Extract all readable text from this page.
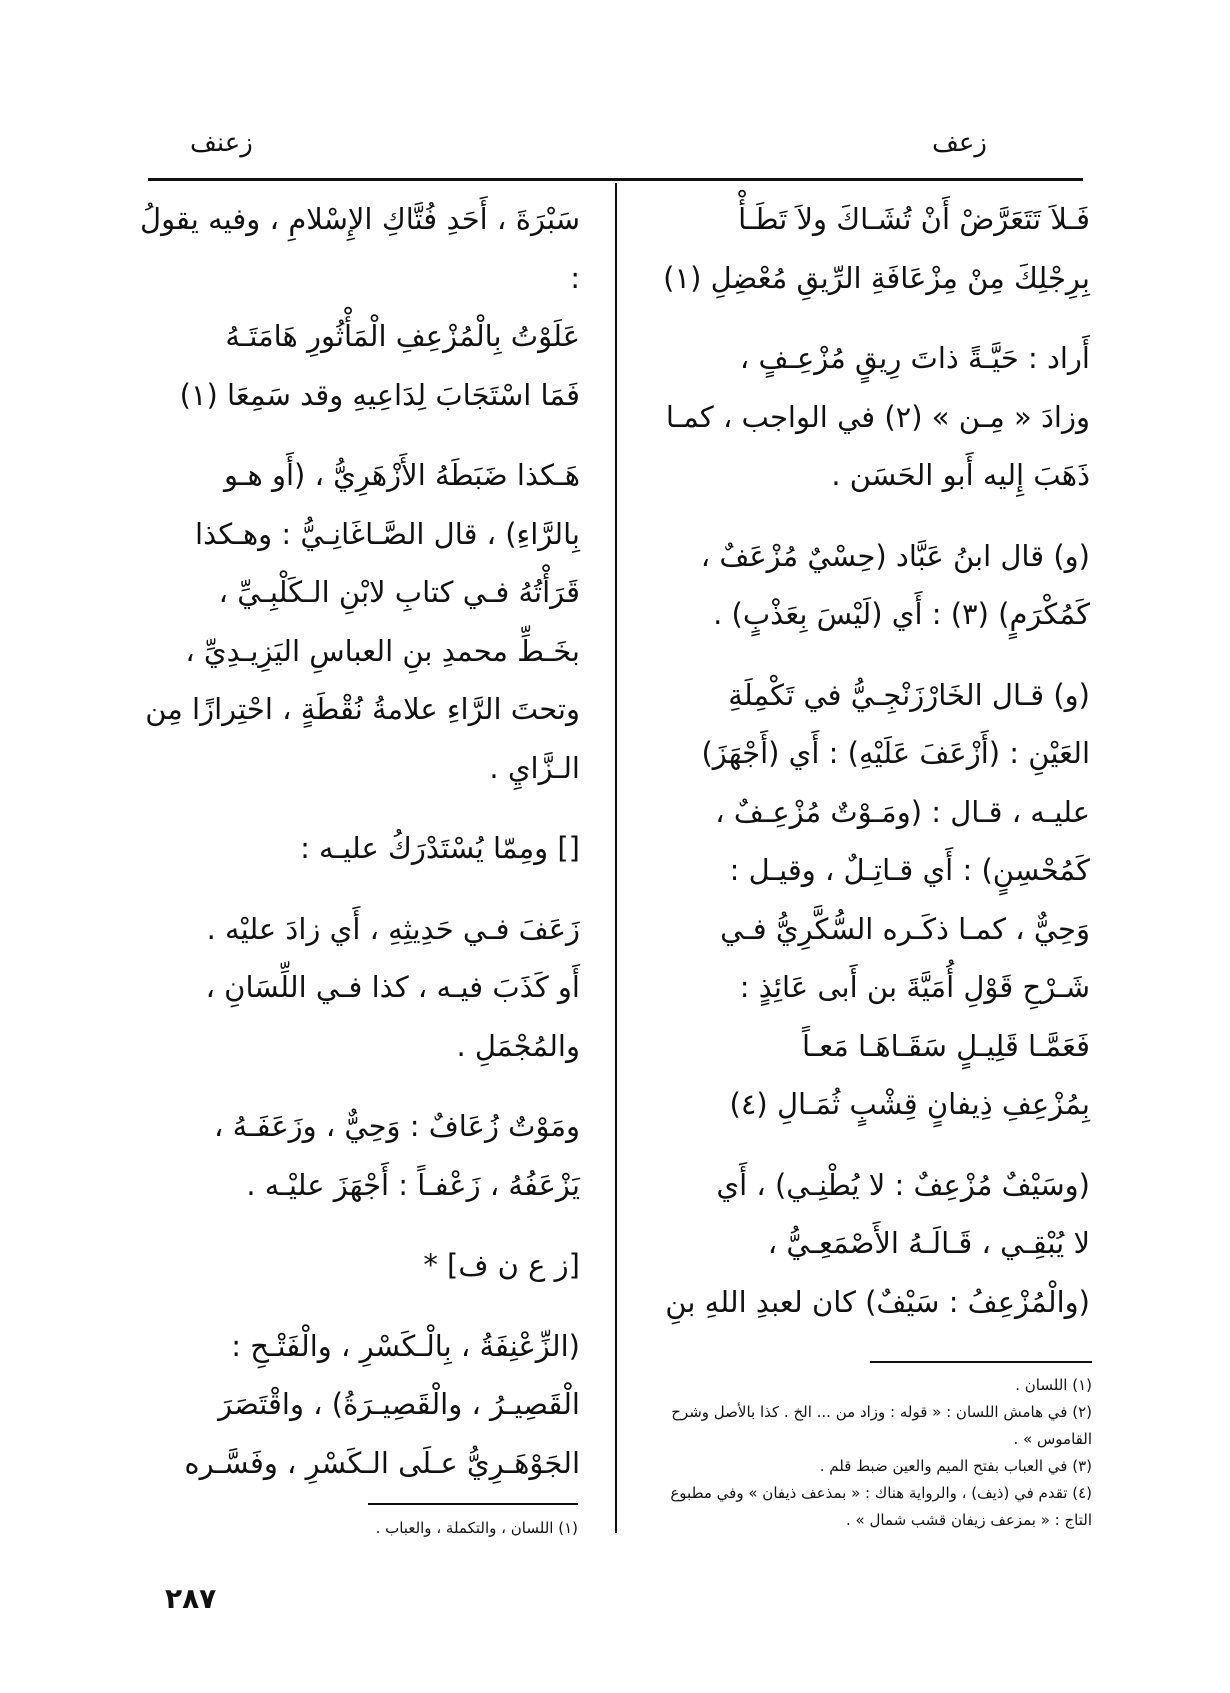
زعنف	زعف

فَـلاَ تَتَعَرَّضْ أَنْ تُشَـاكَ ولاَ تَطَـأْ

بِرِجْلِكَ مِنْ مِزْعَافَةِ الرِّيقِ مُعْضِلِ (١)

أَراد : حَيَّـةً ذاتَ رِيقٍ مُزْعِـفٍ ،

وزادَ « مِـن » (٢) في الواجب ، كمـا

ذَهَبَ إِليه أَبو الحَسَن .

(و) قال ابنُ عَبَّاد (حِسْيٌ مُزْعَفٌ ،

كَمُكْرَمٍ) (٣) : أَي (لَيْسَ بِعَذْبٍ) .

(و) قـال الخَارْزَنْجِـيُّ في تَكْمِلَةِ

العَيْنِ : (أَزْعَفَ عَلَيْهِ) : أَي (أَجْهَزَ)

عليـه ، قـال : (ومَـوْتٌ مُزْعِـفٌ ،

كَمُحْسِنٍ) : أَي قـاتِـلٌ ، وقيـل :

وَحِيٌّ ، كمـا ذكَـره السُّكَّرِيُّ فـي

شَـرْحِ قَوْلِ أُمَيَّةَ بن أَبى عَائِذٍ :

فَعَمَّـا قَلِيـلٍ سَقَـاهَـا مَعـاً

بِمُزْعِفِ ذِيفانٍ قِشْبٍ ثُمَـالِ (٤)

(وسَيْفٌ مُزْعِفٌ : لا يُطْنِـي) ، أَي

لا يُبْقِـي ، قَـالَـهُ الأَصْمَعِـيُّ ،

(والْمُزْعِفُ : سَيْفٌ) كان لعبدِ اللهِ بنِ

سَبْرَةَ ، أَحَدِ فُتَّاكِ الإِسْلامِ ، وفيه يقولُ :

عَلَوْتُ بِالْمُزْعِفِ الْمَأْثُورِ هَامَتَـهُ

فَمَا اسْتَجَابَ لِدَاعِيهِ وقد سَمِعَا (١)

هَـكذا ضَبَطَهُ الأَزْهَرِيُّ ، (أَو هـو

بِالرَّاءِ) ، قال الصَّـاغَانِـيُّ : وهـكذا

قَرَأْتُهُ فـي كتابِ لابْنِ الـكَلْبِـيِّ ،

بخَـطِّ محمدِ بنِ العباسِ اليَزِيـدِيِّ ،

وتحتَ الرَّاءِ علامةُ نُقْطَةٍ ، احْتِرازًا مِن

الـزَّايِ .

[] ومِمّا يُسْتَدْرَكُ عليـه :

زَعَفَ فـي حَدِيثِهِ ، أَي زادَ عليْه .

أَو كَذَبَ فيـه ، كذا فـي اللِّسَانِ ،

والمُجْمَلِ .

ومَوْتٌ زُعَافٌ : وَحِيٌّ ، وزَعَفَـهُ ،

يَزْعَفُهُ ، زَعْفـاً : أَجْهَزَ عليْـه .

[ز ع ن ف] *

(الزِّعْنِفَةُ ، بِالْـكَسْرِ ، والْفَتْـحِ :

الْقَصِيـرُ ، والْقَصِيـرَةُ) ، واقْتَصَرَ

الجَوْهَـرِيُّ عـلَى الـكَسْرِ ، وفَسَّـره

(١) اللسان .

(٢) في هامش اللسان : « قوله : وزاد من ... الخ . كذا بالأصل وشرح القاموس » .

(٣) في العباب بفتح الميم والعين ضبط قلم .

(٤) تقدم في (ذيف) ، والرواية هناك : « بمذعف ذيفان » وفي مطبوع التاج : « بمزعف زيفان قشب شمال » .

(١) اللسان ، والتكملة ، والعباب .

٢٨٧
